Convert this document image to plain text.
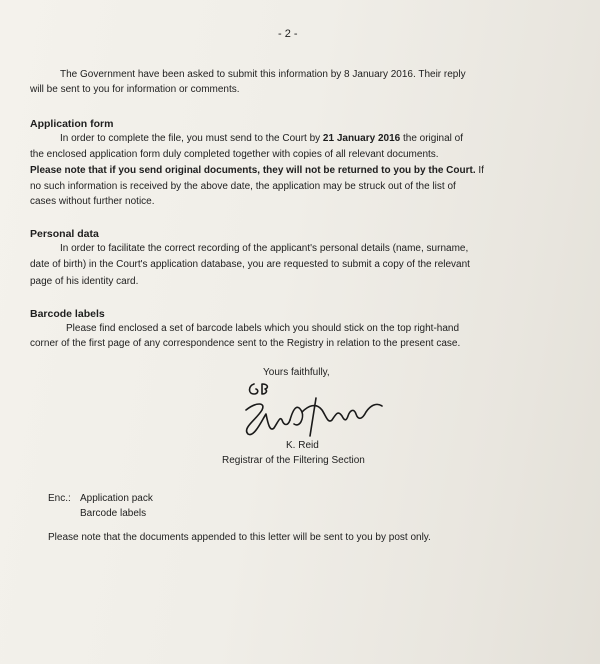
- 2 -
The Government have been asked to submit this information by 8 January 2016. Their reply
will be sent to you for information or comments.
Application form
In order to complete the file, you must send to the Court by 21 January 2016 the original of
the enclosed application form duly completed together with copies of all relevant documents.
Please note that if you send original documents, they will not be returned to you by the Court. If
no such information is received by the above date, the application may be struck out of the list of
cases without further notice.
Personal data
In order to facilitate the correct recording of the applicant's personal details (name, surname,
date of birth) in the Court's application database, you are requested to submit a copy of the relevant
page of his identity card.
Barcode labels
Please find enclosed a set of barcode labels which you should stick on the top right-hand
corner of the first page of any correspondence sent to the Registry in relation to the present case.
Yours faithfully,
K. Reid
Registrar of the Filtering Section
Enc.: Application pack
Barcode labels
Please note that the documents appended to this letter will be sent to you by post only.
